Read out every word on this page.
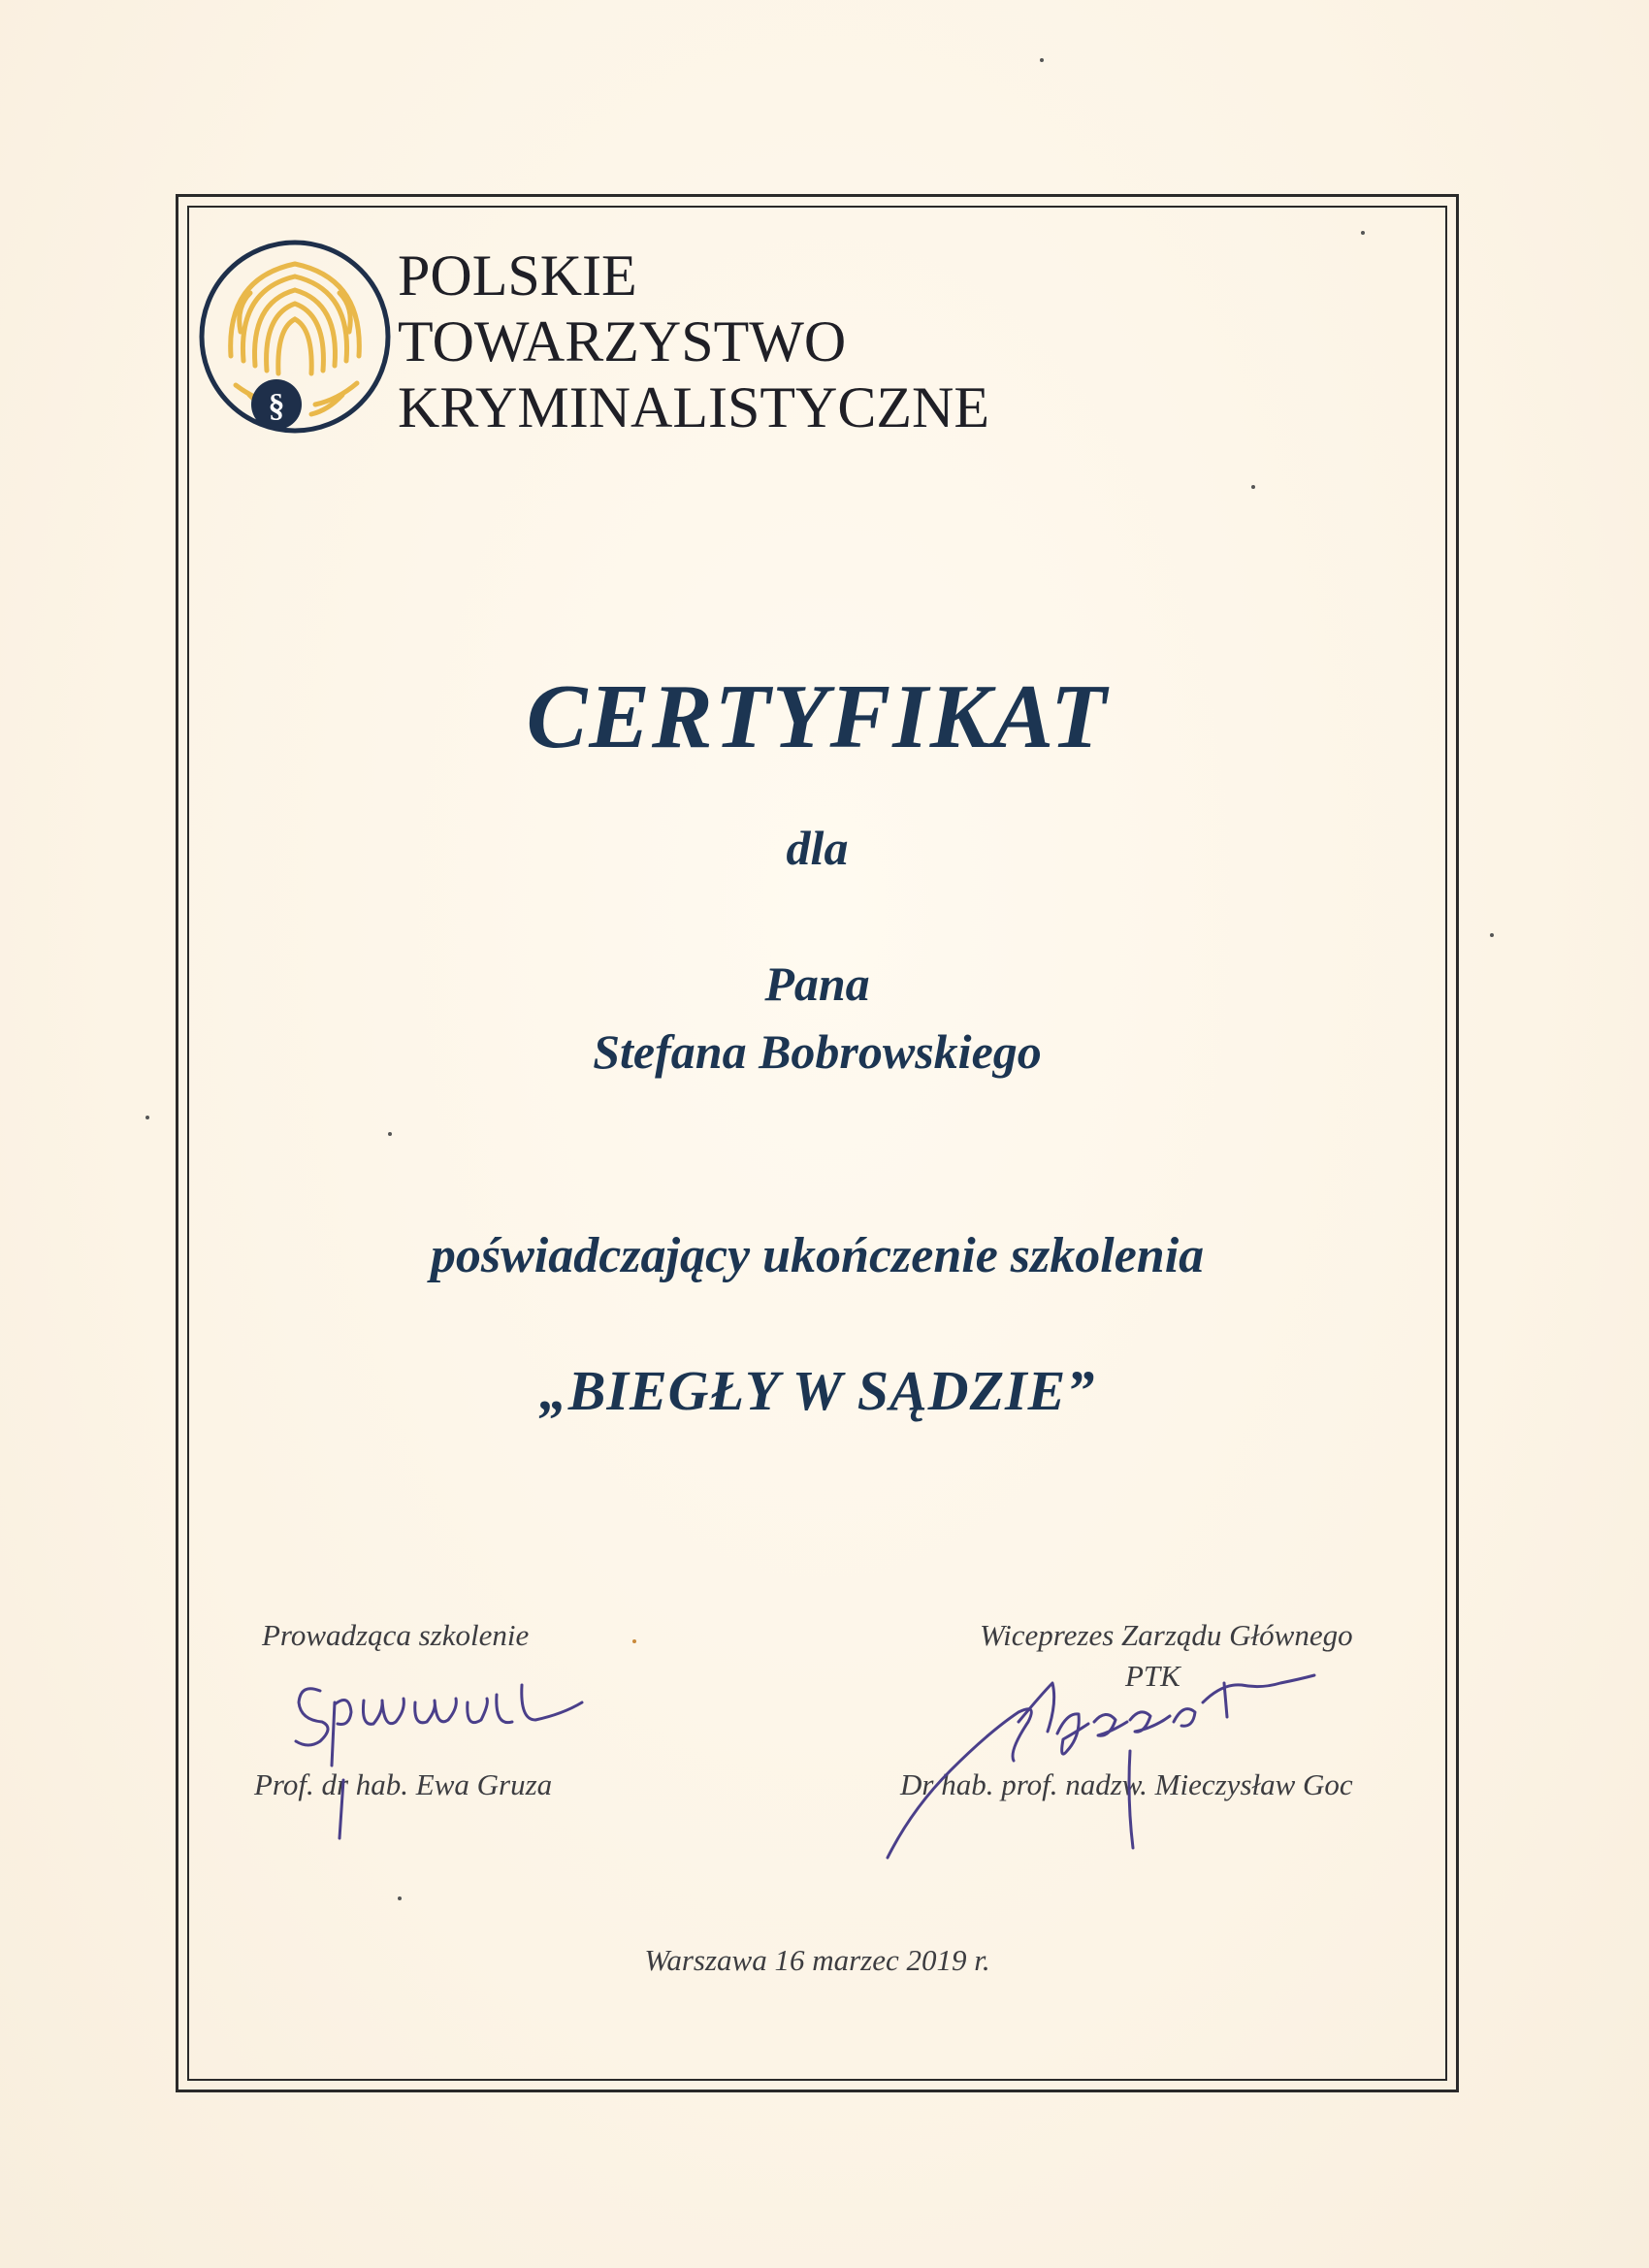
§
POLSKIE
TOWARZYSTWO
KRYMINALISTYCZNE
CERTYFIKAT
dla
Pana
Stefana Bobrowskiego
poświadczający ukończenie szkolenia
„BIEGŁY W SĄDZIE”
Prowadząca szkolenie
Prof. dr hab. Ewa Gruza
Wiceprezes Zarządu Głównego
PTK
Dr hab. prof. nadzw. Mieczysław Goc
Warszawa 16 marzec 2019 r.
